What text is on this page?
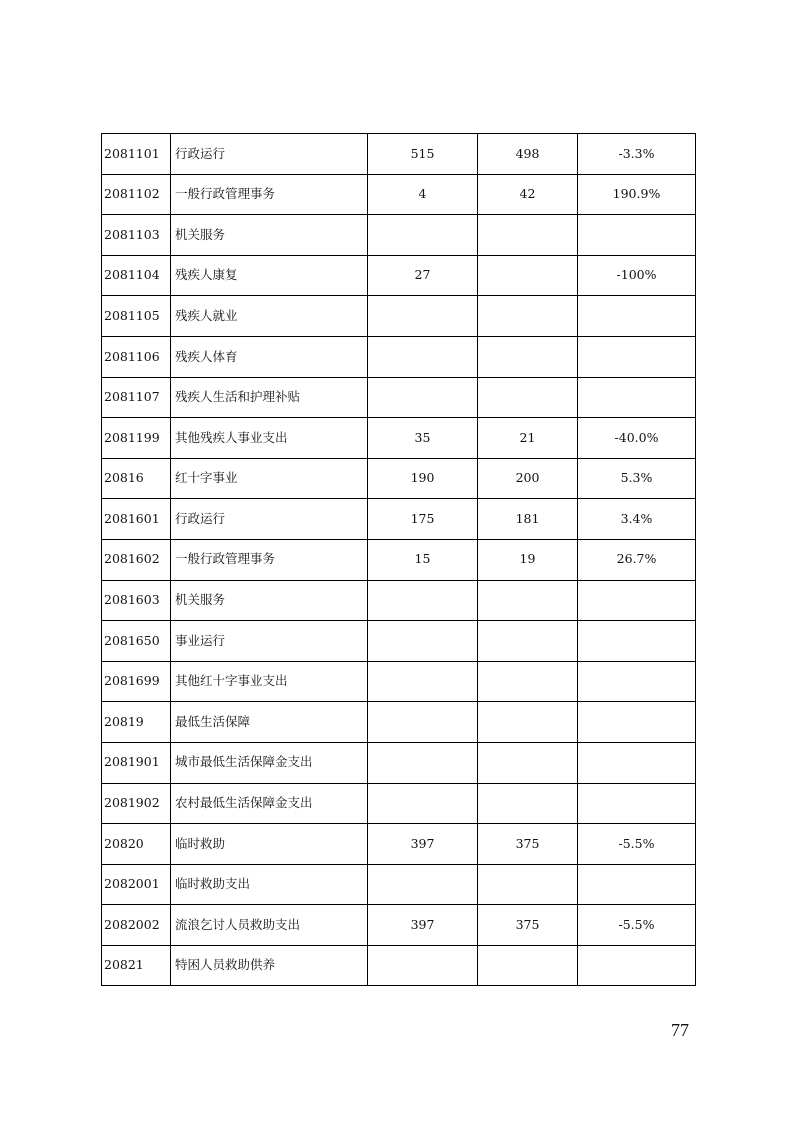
2081101	行政运行	515	498	-3.3%
2081102	一般行政管理事务	4	42	190.9%
2081103	机关服务			
2081104	残疾人康复	27		-100%
2081105	残疾人就业			
2081106	残疾人体育			
2081107	残疾人生活和护理补贴			
2081199	其他残疾人事业支出	35	21	-40.0%
20816	红十字事业	190	200	5.3%
2081601	行政运行	175	181	3.4%
2081602	一般行政管理事务	15	19	26.7%
2081603	机关服务			
2081650	事业运行			
2081699	其他红十字事业支出			
20819	最低生活保障			
2081901	城市最低生活保障金支出			
2081902	农村最低生活保障金支出			
20820	临时救助	397	375	-5.5%
2082001	临时救助支出			
2082002	流浪乞讨人员救助支出	397	375	-5.5%
20821	特困人员救助供养			
77
